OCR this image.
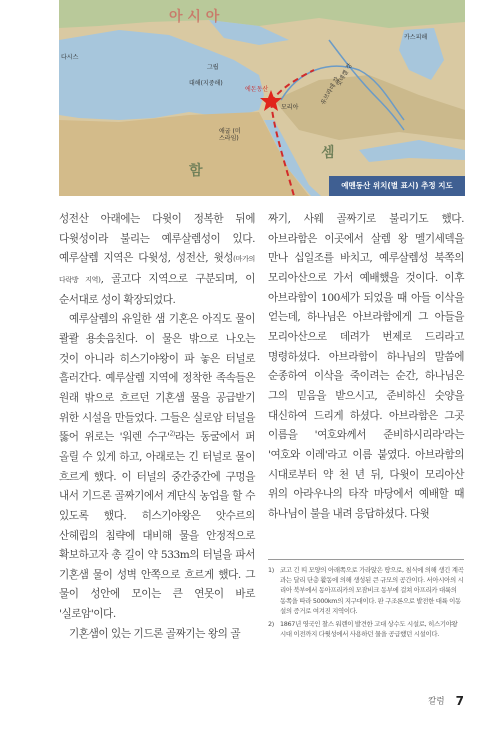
아 시 아
함
셈
카스피해
다시스
그립
대해(지중해)	유브라데 강
힛데겔 강
애굽 (미스라임)
에돈동산
모리아
예멘동산 위치(별 표시) 추정 지도

성전산 아래에는 다윗이 정복한 뒤에 다윗성이라 불리는 예루살렘성이 있다. 예루살렘 지역은 다윗성, 성전산, 윗성(마가의 다락방 지역), 골고다 지역으로 구분되며, 이 순서대로 성이 확장되었다.

예루살렘의 유일한 샘 기혼은 아직도 물이 콸콸 용솟음친다. 이 물은 밖으로 나오는 것이 아니라 히스기야왕이 파 놓은 터널로 흘러간다. 예루살렘 지역에 정착한 족속들은 원래 밖으로 흐르던 기혼샘 물을 공급받기 위한 시설을 만들었다. 그들은 실로암 터널을 뚫어 위로는 '워렌 수구'$^{2)}$라는 동굴에서 퍼 올릴 수 있게 하고, 아래로는 긴 터널로 물이 흐르게 했다. 이 터널의 중간중간에 구멍을 내서 기드론 골짜기에서 계단식 농업을 할 수 있도록 했다. 히스기야왕은 앗수르의 산헤립의 침략에 대비해 물을 안정적으로 확보하고자 총 길이 약 533m의 터널을 파서 기혼샘 물이 성벽 안쪽으로 흐르게 했다. 그 물이 성안에 모이는 큰 연못이 바로 '실로암'이다.

기혼샘이 있는 기드론 골짜기는 왕의 골

짜기, 사웨 골짜기로 불리기도 했다. 아브라함은 이곳에서 살렘 왕 멜기세덱을 만나 십일조를 바치고, 예루살렘성 북쪽의 모리아산으로 가서 예배했을 것이다. 이후 아브라함이 100세가 되었을 때 아들 이삭을 얻는데, 하나님은 아브라함에게 그 아들을 모리아산으로 데려가 번제로 드리라고 명령하셨다. 아브라함이 하나님의 말씀에 순종하여 이삭을 죽이려는 순간, 하나님은 그의 믿음을 받으시고, 준비하신 숫양을 대신하여 드리게 하셨다. 아브라함은 그곳 이름을 '여호와께서 준비하시리라'라는 '여호와 이레'라고 이름 붙였다. 아브라함의 시대로부터 약 천 년 뒤, 다윗이 모리아산 위의 아라우나의 타작 마당에서 예배할 때 하나님이 불을 내려 응답하셨다. 다윗

1) 코고 긴 띠 모양의 아래쪽으로 가라앉은 땅으로, 침식에 의해 생긴 계곡과는 달리 단층 활동에 의해 생성된 큰 규모의 공간이다. 서아시아의 시리아 북부에서 동아프리카의 모잠비크 동부에 걸쳐 아프리카 대륙의 동쪽을 따라 5000km의 지구대이다. 판 구조론으로 발전한 대륙 이동설의 증거로 여겨진 지역이다.
2) 1867년 영국인 찰스 워렌이 발견한 고대 상수도 시설로, 히스기야왕 시대 이전까지 다윗성에서 사용하던 물을 공급했던 시설이다.
칼럼 7
